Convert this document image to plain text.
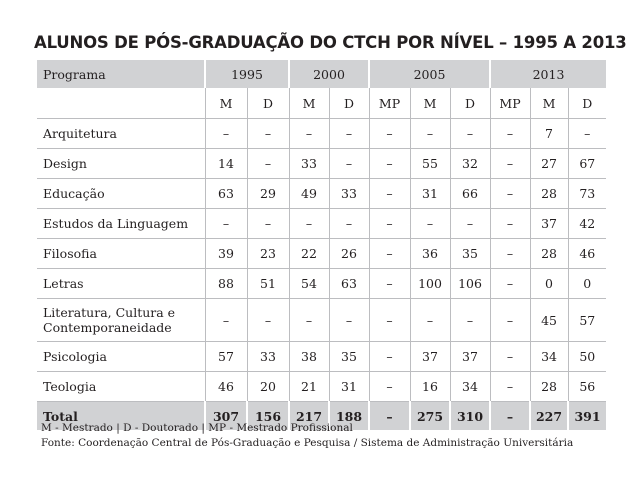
ALUNOS DE PÓS-GRADUAÇÃO DO CTCH POR NÍVEL – 1995 A 2013
Programa	1995		2000		2005			2013		
	M	D	M	D	MP	M	D	MP	M	D
Arquitetura	–	–	–	–	–	–	–	–	7	–
Design	14	–	33	–	–	55	32	–	27	67
Educação	63	29	49	33	–	31	66	–	28	73
Estudos da Linguagem	–	–	–	–	–	–	–	–	37	42
Filosofia	39	23	22	26	–	36	35	–	28	46
Letras	88	51	54	63	–	100	106	–	0	0
Literatura, Cultura e
Contemporaneidade	–	–	–	–	–	–	–	–	45	57
Psicologia	57	33	38	35	–	37	37	–	34	50
Teologia	46	20	21	31	–	16	34	–	28	56
Total	307	156	217	188	–	275	310	–	227	391
M - Mestrado | D - Doutorado | MP - Mestrado Profissional
Fonte: Coordenação Central de Pós-Graduação e Pesquisa / Sistema de Administração Universitária
